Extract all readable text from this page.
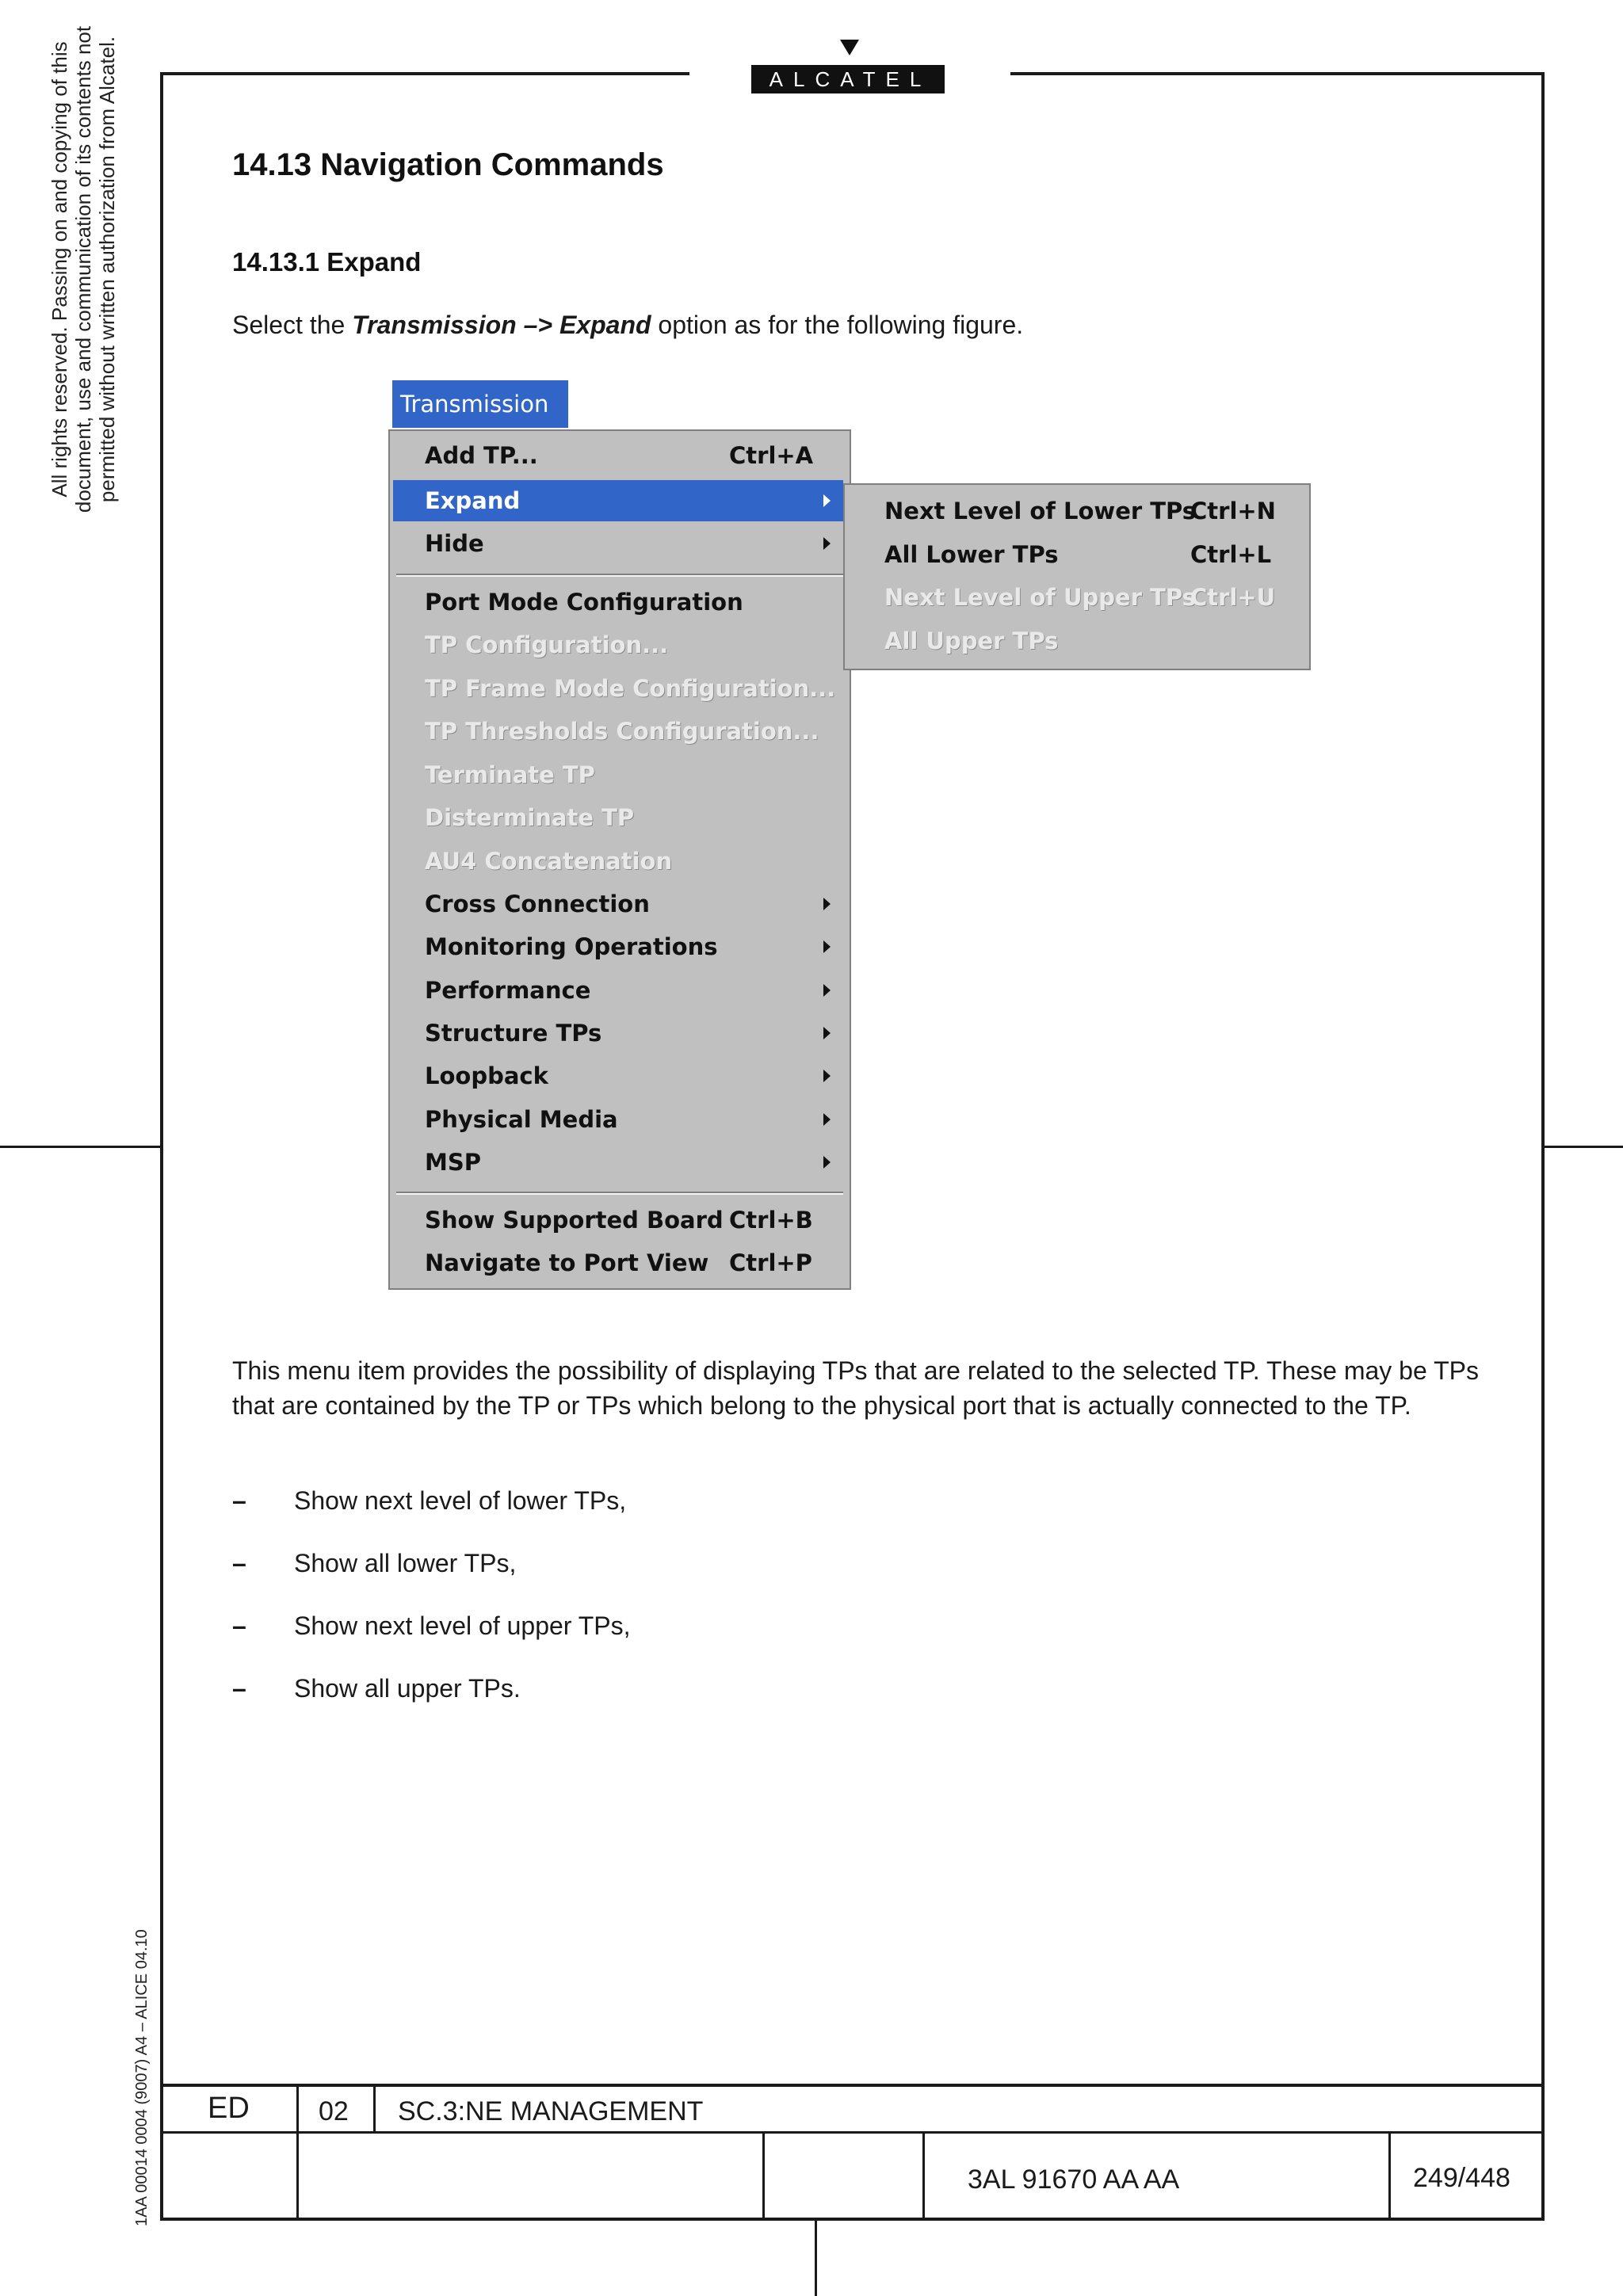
ALCATEL
All rights reserved. Passing on and copying of this document, use and communication of its contents not permitted without written authorization from Alcatel.
1AA 00014 0004 (9007) A4 – ALICE 04.10
14.13 Navigation Commands
14.13.1 Expand
Select the Transmission –> Expand option as for the following figure.
Transmission
Add TP...	Ctrl+A
Expand
Hide
Port Mode Configuration
TP Configuration...
TP Frame Mode Configuration...
TP Thresholds Configuration...
Terminate TP
Disterminate TP
AU4 Concatenation
Cross Connection
Monitoring Operations
Performance
Structure TPs
Loopback
Physical Media
MSP
Show Supported Board Ctrl+B
Navigate to Port View Ctrl+P
Next Level of Lower TPs
Ctrl+N
All Lower TPs	Ctrl+L
Next Level of Upper TPs
Ctrl+U
All Upper TPs
This menu item provides the possibility of displaying TPs that are related to the selected TP. These may be TPs that are contained by the TP or TPs which belong to the physical port that is actually connected to the TP.
– Show next level of lower TPs,
– Show all lower TPs,
– Show next level of upper TPs,
– Show all upper TPs.
ED	02 SC.3:NE MANAGEMENT
3AL 91670 AA AA	249/448
